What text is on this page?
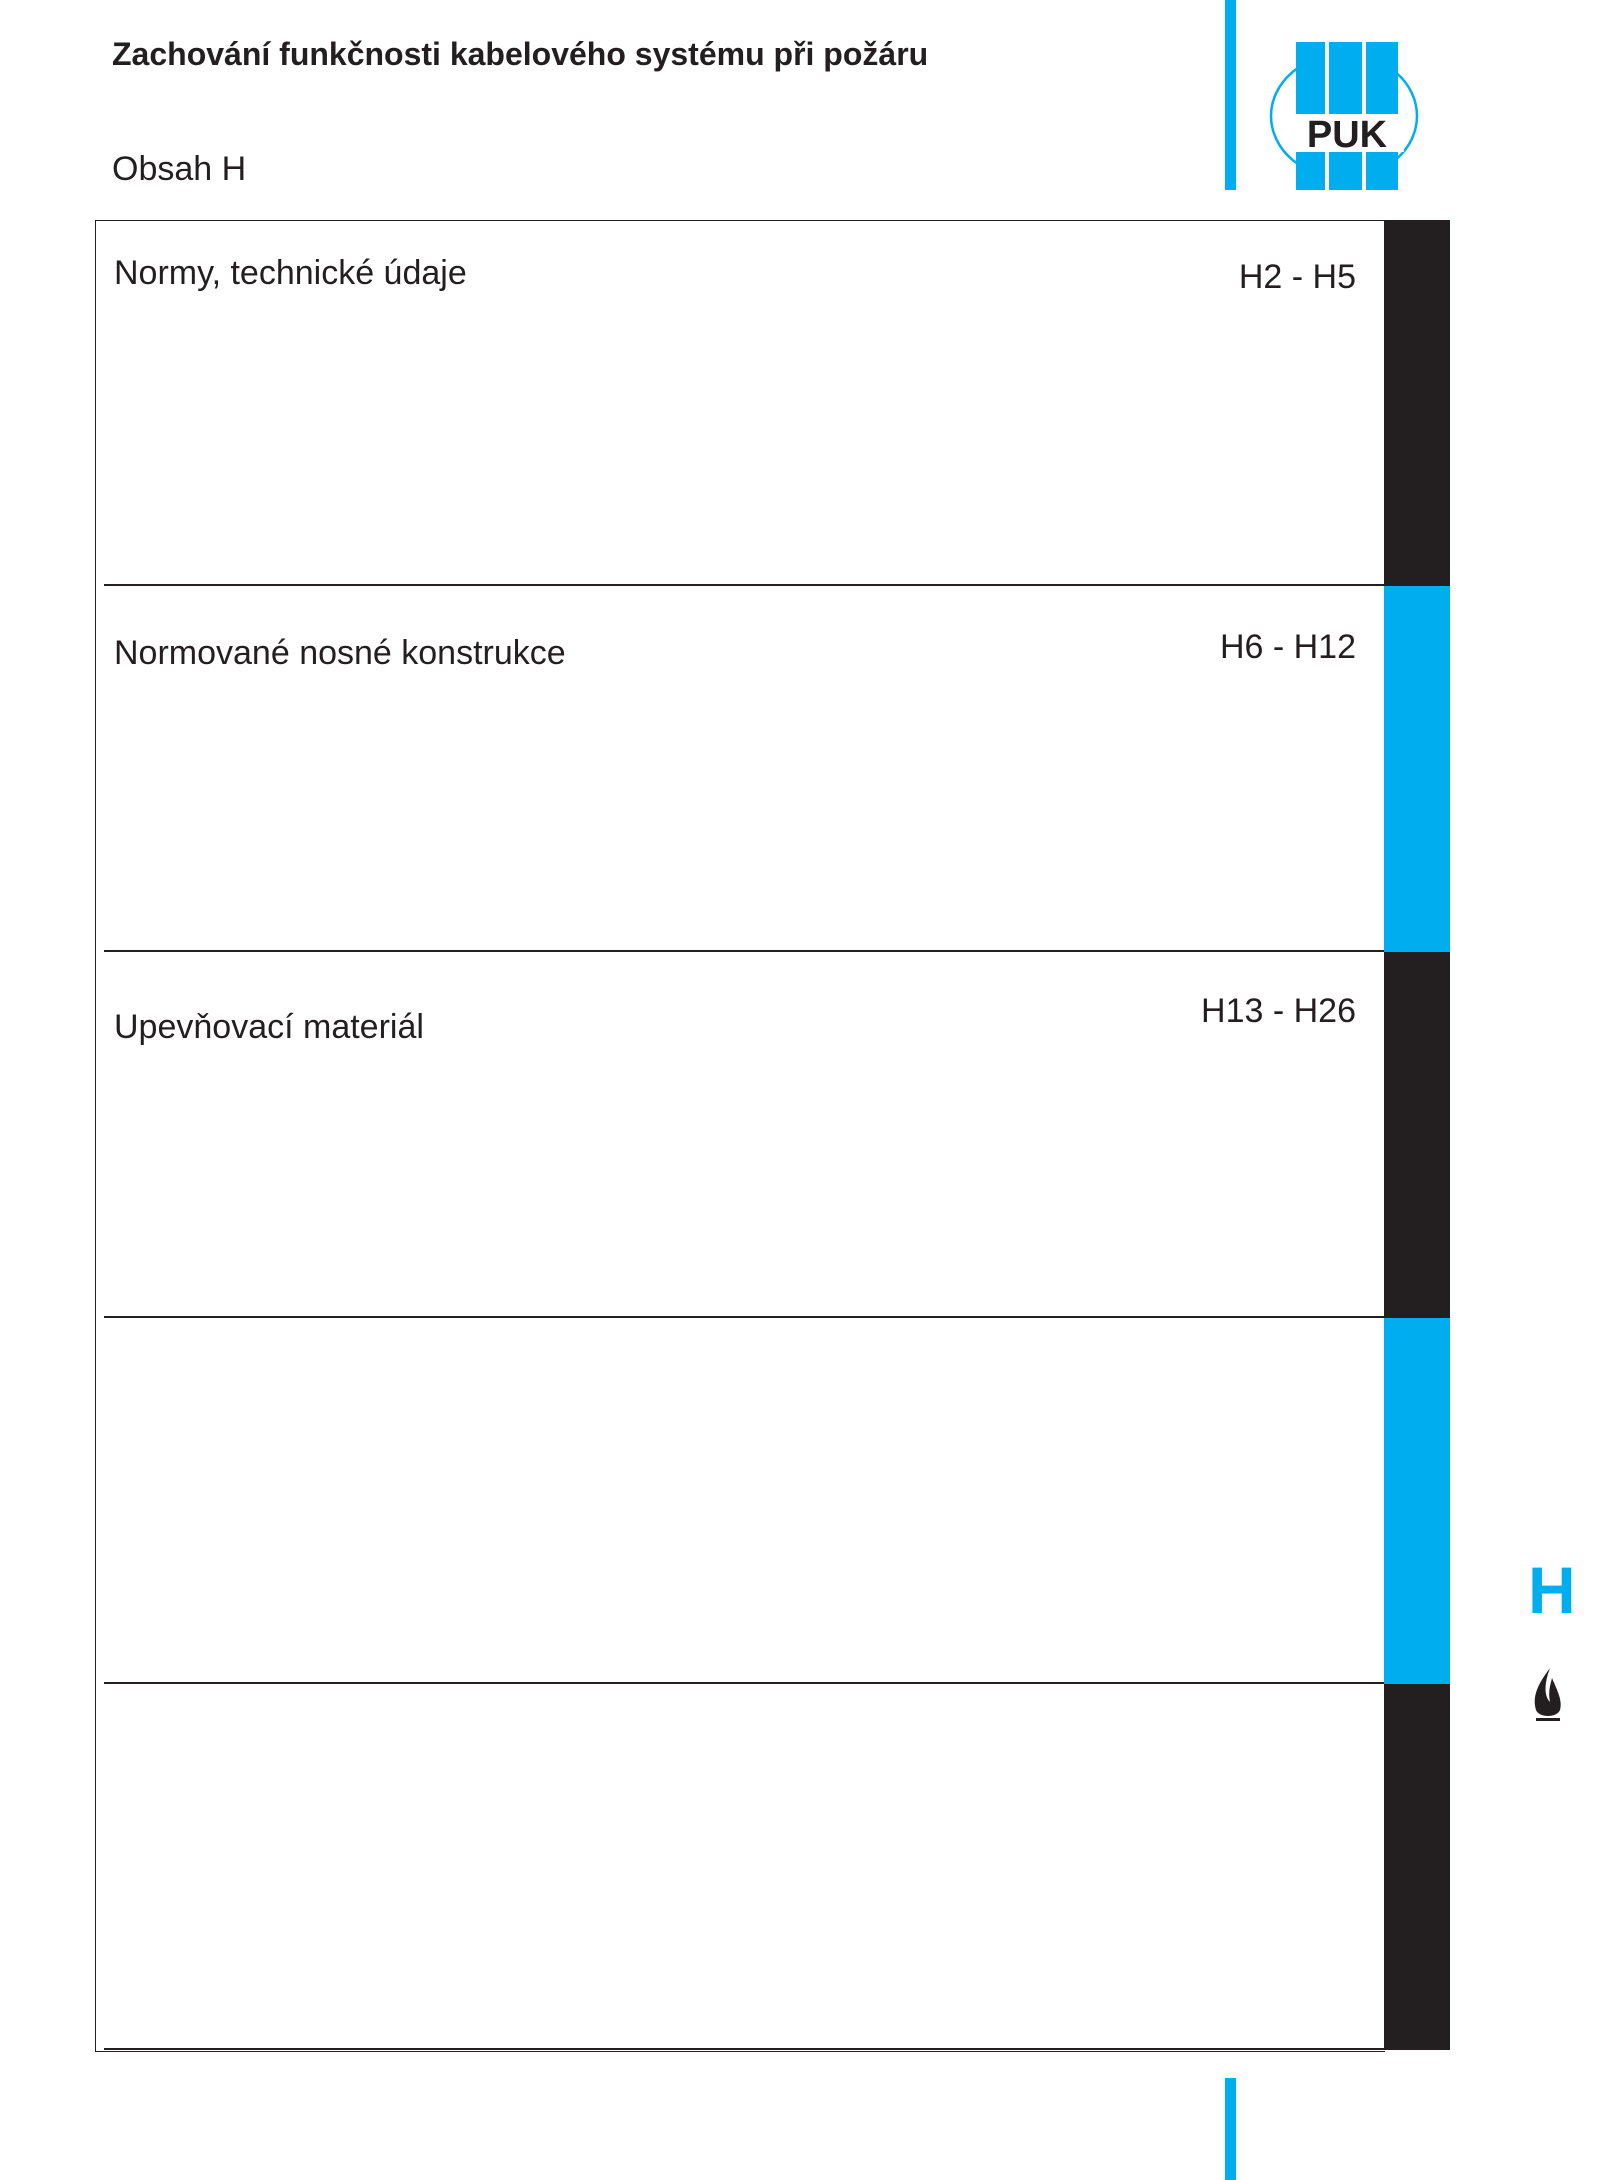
Zachování funkčnosti kabelového systému při požáru
Obsah H
PUK
Normy, technické údaje	H2 - H5
Normované nosné konstrukce	H6 - H12
Upevňovací materiál	H13 - H26
H
